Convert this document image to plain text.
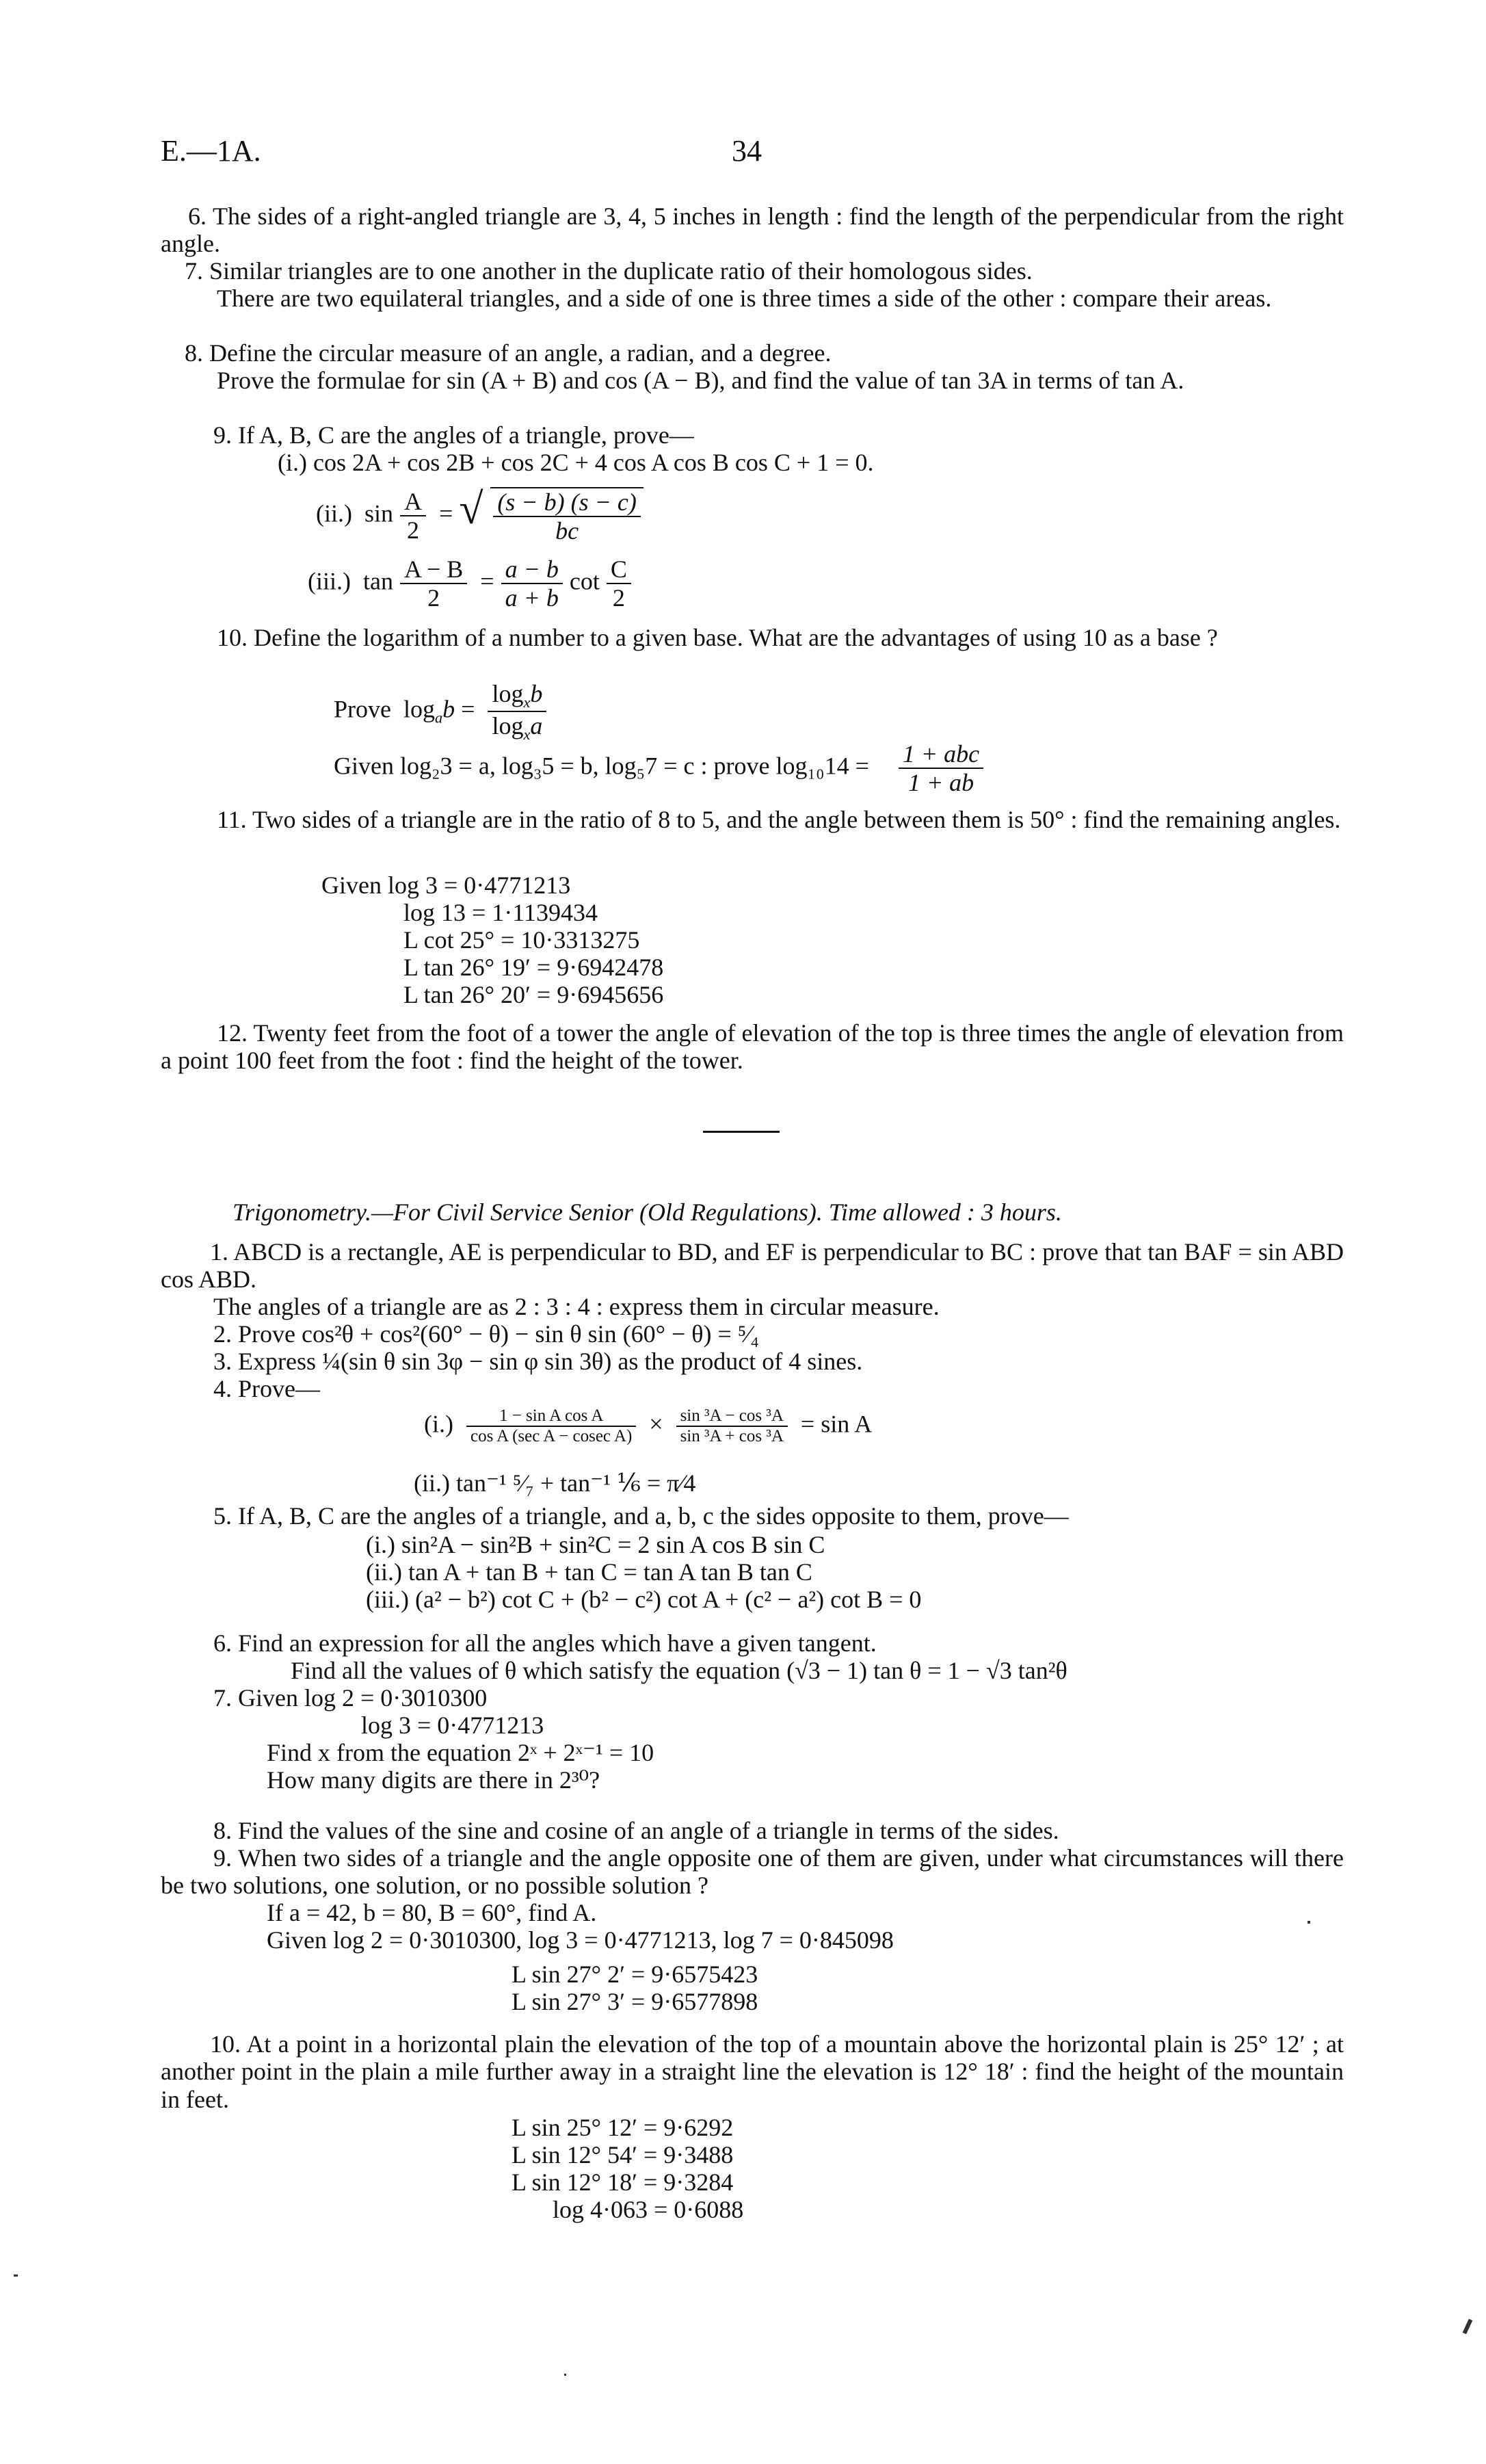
E.—1A.	34
6. The sides of a right-angled triangle are 3, 4, 5 inches in length : find the length of the perpendicular from the right angle.
7. Similar triangles are to one another in the duplicate ratio of their homologous sides.
There are two equilateral triangles, and a side of one is three times a side of the other : compare their areas.
8. Define the circular measure of an angle, a radian, and a degree.
Prove the formulae for sin (A + B) and cos (A − B), and find the value of tan 3A in terms of tan A.
9. If A, B, C are the angles of a triangle, prove—
(i.) cos 2A + cos 2B + cos 2C + 4 cos A cos B cos C + 1 = 0.
(ii.) $\sin \frac{A}{2}$ = √ $\frac{(s - b) (s - c)}{bc}$
(iii.) $\tan \frac{A - B}{2} = \frac{a - b}{a + b}$ $\cot \frac{C}{2}$
10. Define the logarithm of a number to a given base. What are the advantages of using 10 as a base ?
Prove $\log_ab = \frac{\log_xb}{\log_xa}$
Given log₂3 = a, log₃5 = b, log₅7 = c : prove $\log_{10}14 = \frac{\text{1 + abc}}{1 + ab}$
11. Two sides of a triangle are in the ratio of 8 to 5, and the angle between them is 50° : find the remaining angles.
Given log 3 = 0·4771213
log 13 = 1·1139434
L cot 25° = 10·3313275
L tan 26° 19′ = 9·6942478
L tan 26° 20′ = 9·6945656
12. Twenty feet from the foot of a tower the angle of elevation of the top is three times the angle of elevation from a point 100 feet from the foot : find the height of the tower.
Trigonometry.—For Civil Service Senior (Old Regulations). Time allowed : 3 hours.
1. ABCD is a rectangle, AE is perpendicular to BD, and EF is perpendicular to BC : prove that tan BAF = sin ABD cos ABD.
The angles of a triangle are as 2 : 3 : 4 : express them in circular measure.
2. Prove cos²θ + cos²(60° − θ) − sin θ sin (60° − θ) = ⁵⁄₄
3. Express ¼(sin θ sin 3φ − sin φ sin 3θ) as the product of 4 sines.
4. Prove—
$(i.) \frac{\text{1 − sin A cos A}}{\text{cos A (sec A − cosec A)}} \times \frac{\text{sin ³A − cos ³A}}{\text{sin ³A + cos ³A}} = \sin A$
(ii.) tan⁻¹ ⁵⁄₇ + tan⁻¹ ⅙ = π⁄4
5. If A, B, C are the angles of a triangle, and a, b, c the sides opposite to them, prove—
(i.) sin²A − sin²B + sin²C = 2 sin A cos B sin C
(ii.) tan A + tan B + tan C = tan A tan B tan C
(iii.) (a² − b²) cot C + (b² − c²) cot A + (c² − a²) cot B = 0
6. Find an expression for all the angles which have a given tangent.
Find all the values of θ which satisfy the equation (√3 − 1) tan θ = 1 − √3 tan²θ
7. Given log 2 = 0·3010300
log 3 = 0·4771213
Find x from the equation 2ˣ + 2ˣ⁻¹ = 10
How many digits are there in 2³⁰?
8. Find the values of the sine and cosine of an angle of a triangle in terms of the sides.
9. When two sides of a triangle and the angle opposite one of them are given, under what circumstances will there be two solutions, one solution, or no possible solution ?
If a = 42, b = 80, B = 60°, find A.
Given log 2 = 0·3010300, log 3 = 0·4771213, log 7 = 0·845098
L sin 27° 2′ = 9·6575423
L sin 27° 3′ = 9·6577898
10. At a point in a horizontal plain the elevation of the top of a mountain above the horizontal plain is 25° 12′ ; at another point in the plain a mile further away in a straight line the elevation is 12° 18′ : find the height of the mountain in feet.
L sin 25° 12′ = 9·6292
L sin 12° 54′ = 9·3488
L sin 12° 18′ = 9·3284
log 4·063 = 0·6088
